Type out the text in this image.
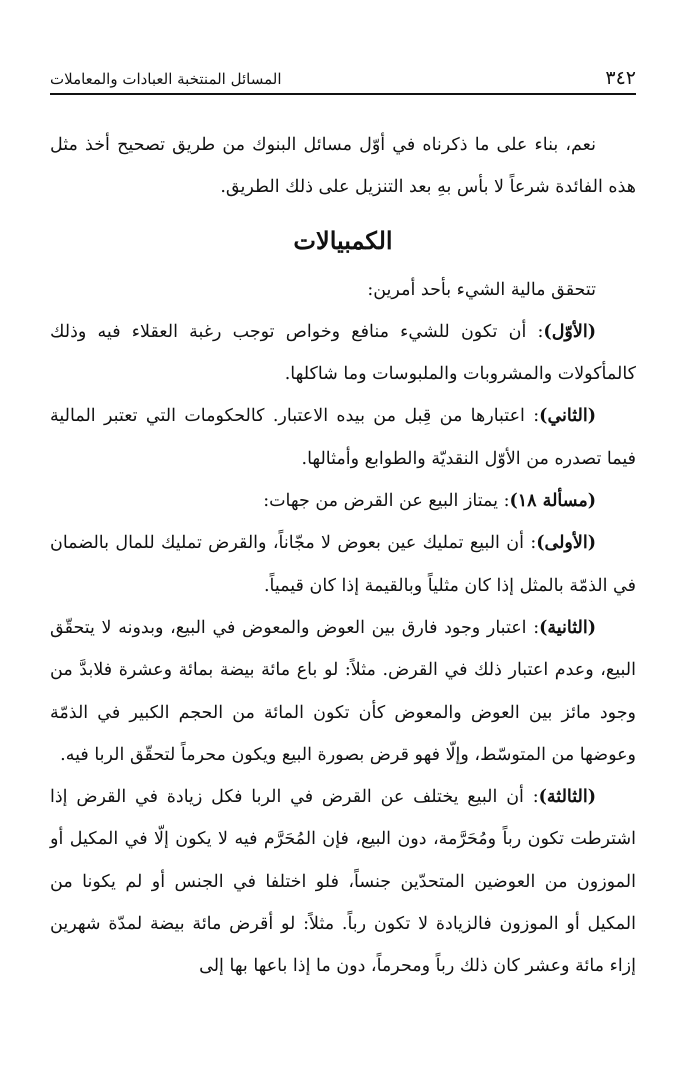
٣٤٢
المسائل المنتخبة العبادات والمعاملات

نعم، بناء على ما ذكرناه في أوّل مسائل البنوك من طريق تصحيح أخذ مثل هذه الفائدة شرعاً لا بأس بهِ بعد التنزيل على ذلك الطريق.

الكمبيالات

تتحقق مالية الشيء بأحد أمرين:

(الأوّل): أن تكون للشيء منافع وخواص توجب رغبة العقلاء فيه وذلك كالمأكولات والمشروبات والملبوسات وما شاكلها.

(الثاني): اعتبارها من قِبل من بيده الاعتبار. كالحكومات التي تعتبر المالية فيما تصدره من الأوّل النقديّة والطوابع وأمثالها.

(مسألة ١٨): يمتاز البيع عن القرض من جهات:

(الأولى): أن البيع تمليك عين بعوض لا مجّاناً، والقرض تمليك للمال بالضمان في الذمّة بالمثل إذا كان مثلياً وبالقيمة إذا كان قيمياً.

(الثانية): اعتبار وجود فارق بين العوض والمعوض في البيع، وبدونه لا يتحقّق البيع، وعدم اعتبار ذلك في القرض. مثلاً: لو باع مائة بيضة بمائة وعشرة فلابدَّ من وجود مائز بين العوض والمعوض كأن تكون المائة من الحجم الكبير في الذمّة وعوضها من المتوسّط، وإلّا فهو قرض بصورة البيع ويكون محرماً لتحقّق الربا فيه.

(الثالثة): أن البيع يختلف عن القرض في الربا فكل زيادة في القرض إذا اشترطت تكون رباً ومُحَرَّمة، دون البيع، فإن المُحَرَّم فيه لا يكون إلّا في المكيل أو الموزون من العوضين المتحدّين جنساً، فلو اختلفا في الجنس أو لم يكونا من المكيل أو الموزون فالزيادة لا تكون رباً. مثلاً: لو أقرض مائة بيضة لمدّة شهرين إزاء مائة وعشر كان ذلك رباً ومحرماً، دون ما إذا باعها بها إلى
